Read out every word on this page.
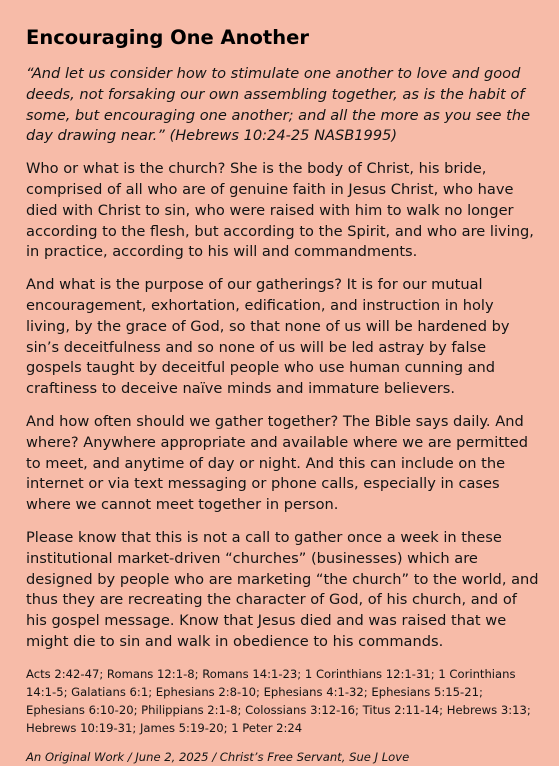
Encouraging One Another

“And let us consider how to stimulate one another to love and good deeds, not forsaking our own assembling together, as is the habit of some, but encouraging one another; and all the more as you see the day drawing near.” (Hebrews 10:24-25 NASB1995)

Who or what is the church? She is the body of Christ, his bride, comprised of all who are of genuine faith in Jesus Christ, who have died with Christ to sin, who were raised with him to walk no longer according to the flesh, but according to the Spirit, and who are living, in practice, according to his will and commandments.

And what is the purpose of our gatherings? It is for our mutual encouragement, exhortation, edification, and instruction in holy living, by the grace of God, so that none of us will be hardened by sin’s deceitfulness and so none of us will be led astray by false gospels taught by deceitful people who use human cunning and craftiness to deceive naïve minds and immature believers.

And how often should we gather together? The Bible says daily. And where? Anywhere appropriate and available where we are permitted to meet, and anytime of day or night. And this can include on the internet or via text messaging or phone calls, especially in cases where we cannot meet together in person.

Please know that this is not a call to gather once a week in these institutional market-driven “churches” (businesses) which are designed by people who are marketing “the church” to the world, and thus they are recreating the character of God, of his church, and of his gospel message. Know that Jesus died and was raised that we might die to sin and walk in obedience to his commands.

Acts 2:42-47; Romans 12:1-8; Romans 14:1-23; 1 Corinthians 12:1-31; 1 Corinthians 14:1-5; Galatians 6:1; Ephesians 2:8-10; Ephesians 4:1-32; Ephesians 5:15-21; Ephesians 6:10-20; Philippians 2:1-8; Colossians 3:12-16; Titus 2:11-14; Hebrews 3:13; Hebrews 10:19-31; James 5:19-20; 1 Peter 2:24

An Original Work / June 2, 2025 / Christ’s Free Servant, Sue J Love
